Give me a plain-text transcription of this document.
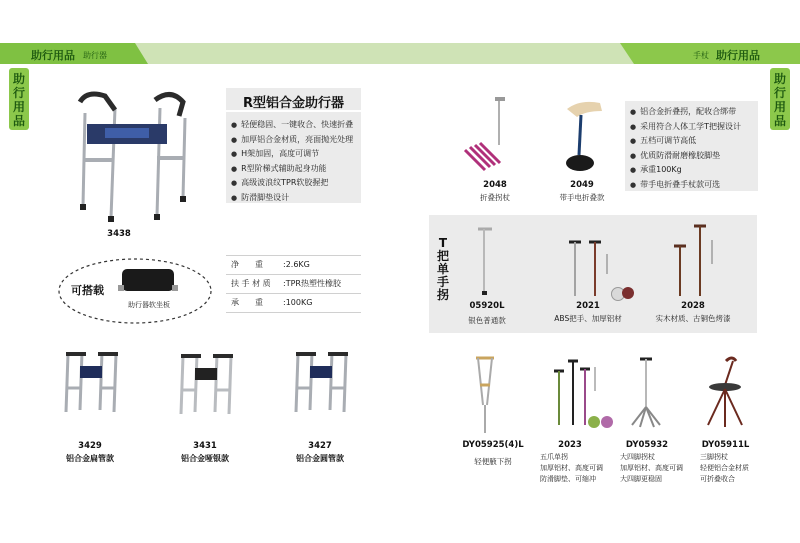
助行用品 助行器	手杖 助行用品
助
行
用
品
助
行
用
品
3438
R型铝合金助行器
● 轻便稳固、一键收合、快速折叠
● 加厚铝合金材质，亮面抛光处理
● H架加固，高度可调节
● R型阶梯式辅助起身功能
● 高级波浪纹TPR软胶握把
● 防滑脚垫设计
净　　重	:2.6KG
扶 手 材 质 :TPR热塑性橡胶
承　　重	:100KG
可搭载
助行器软坐板
3429
铝合金扁管款
3431
铝合金哑银款
3427
铝合金圆管款
2048
折叠拐杖
2049
带手电折叠款
● 铝合金折叠拐，配收合绑带
● 采用符合人体工学T把握设计
● 五档可调节高低
● 优质防滑耐磨橡胶脚垫
● 承重100Kg
● 带手电折叠手杖款可选
T
把
单
手
拐
05920L
银色普通款
2021
ABS把手、加厚铝材
2028
实木材质、古铜色烤漆
DY05925(4)L
轻便腋下拐
2023
五爪单拐
加厚铝材、高度可调
防滑脚垫、可缩冲
DY05932
大四脚拐杖
加厚铝材、高度可调
大四脚更稳固
DY05911L
三脚拐杖
轻便铝合金材质
可折叠收合
